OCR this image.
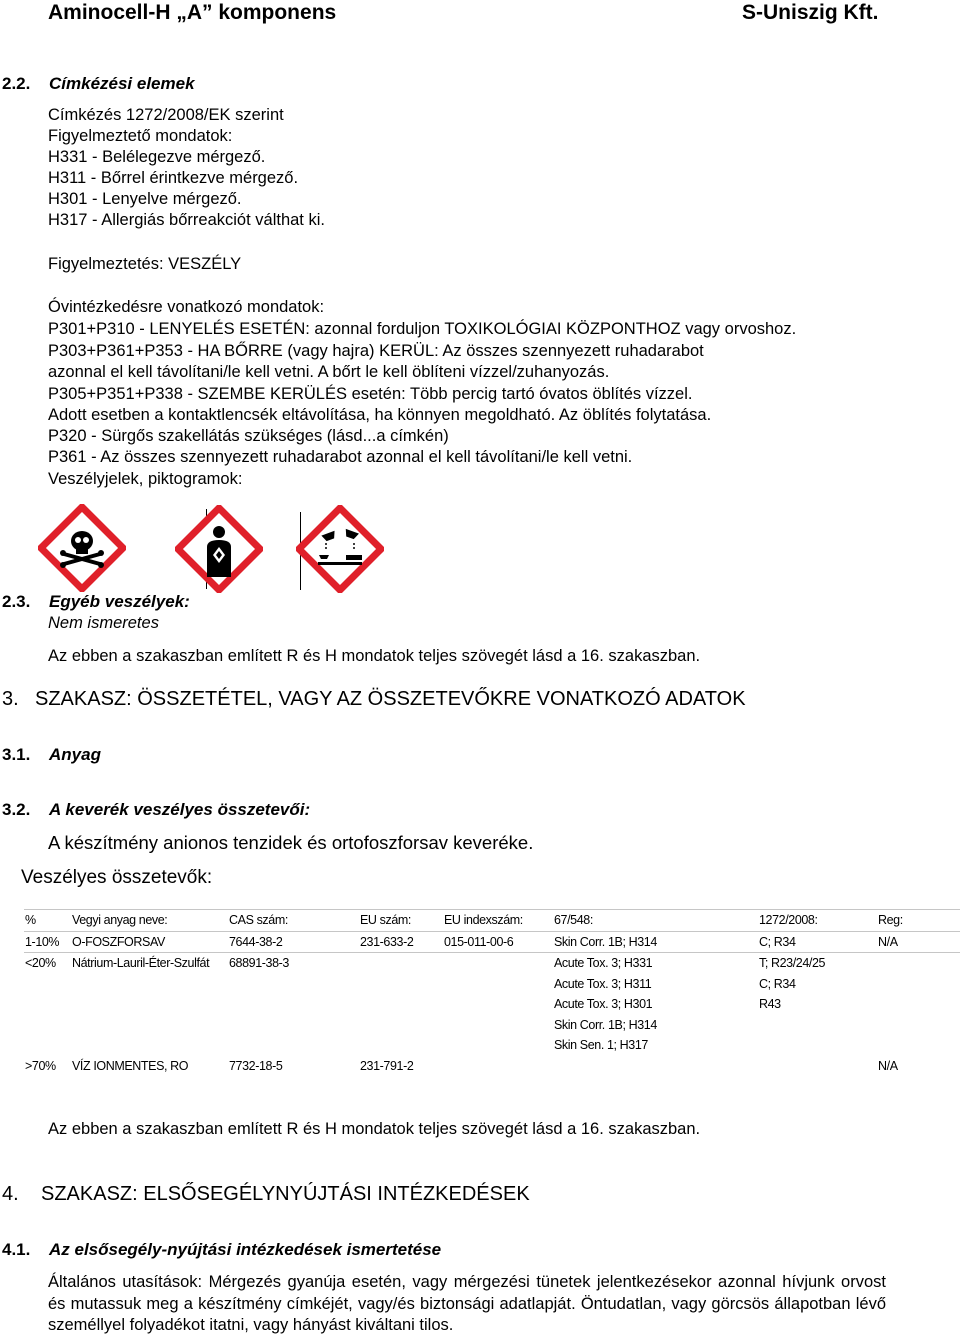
Aminocell-H „A” komponens	S-Uniszig Kft.
2.2. Címkézési elemek
Címkézés 1272/2008/EK szerint
Figyelmeztető mondatok:
H331 - Belélegezve mérgező.
H311 - Bőrrel érintkezve mérgező.
H301 - Lenyelve mérgező.
H317 - Allergiás bőrreakciót válthat ki.
Figyelmeztetés: VESZÉLY
Óvintézkedésre vonatkozó mondatok:
P301+P310 - LENYELÉS ESETÉN: azonnal forduljon TOXIKOLÓGIAI KÖZPONTHOZ vagy orvoshoz.
P303+P361+P353 - HA BŐRRE (vagy hajra) KERÜL: Az összes szennyezett ruhadarabot
azonnal el kell távolítani/le kell vetni. A bőrt le kell öblíteni vízzel/zuhanyozás.
P305+P351+P338 - SZEMBE KERÜLÉS esetén: Több percig tartó óvatos öblítés vízzel.
Adott esetben a kontaktlencsék eltávolítása, ha könnyen megoldható. Az öblítés folytatása.
P320 - Sürgős szakellátás szükséges (lásd...a címkén)
P361 - Az összes szennyezett ruhadarabot azonnal el kell távolítani/le kell vetni.
Veszélyjelek, piktogramok:
2.3. Egyéb veszélyek:
Nem ismeretes
Az ebben a szakaszban említett R és H mondatok teljes szövegét lásd a 16. szakaszban.
3. SZAKASZ: ÖSSZETÉTEL, VAGY AZ ÖSSZETEVŐKRE VONATKOZÓ ADATOK
3.1. Anyag
3.2. A keverék veszélyes összetevői:
A készítmény anionos tenzidek és ortofoszforsav keveréke.
Veszélyes összetevők:
%	Vegyi anyag neve:	CAS szám:	EU szám:	EU indexszám:	67/548:	1272/2008:	Reg:
1-10%	O-FOSZFORSAV	7644-38-2	231-633-2	015-011-00-6	Skin Corr. 1B; H314	C; R34	N/A
<20%	Nátrium-Lauril-Éter-Szulfát	68891-38-3			Acute Tox. 3; H331	T; R23/24/25	
					Acute Tox. 3; H311	C; R34	
					Acute Tox. 3; H301	R43	
					Skin Corr. 1B; H314		
					Skin Sen. 1; H317		
>70%	VÍZ IONMENTES, RO	7732-18-5	231-791-2				N/A
Az ebben a szakaszban említett R és H mondatok teljes szövegét lásd a 16. szakaszban.
4. SZAKASZ: ELSŐSEGÉLYNYÚJTÁSI INTÉZKEDÉSEK
4.1. Az elsősegély-nyújtási intézkedések ismertetése
Általános utasítások: Mérgezés gyanúja esetén, vagy mérgezési tünetek jelentkezésekor azonnal hívjunk orvost és mutassuk meg a készítmény címkéjét, vagy/és biztonsági adatlapját. Öntudatlan, vagy görcsös állapotban lévő személlyel folyadékot itatni, vagy hányást kiváltani tilos.
